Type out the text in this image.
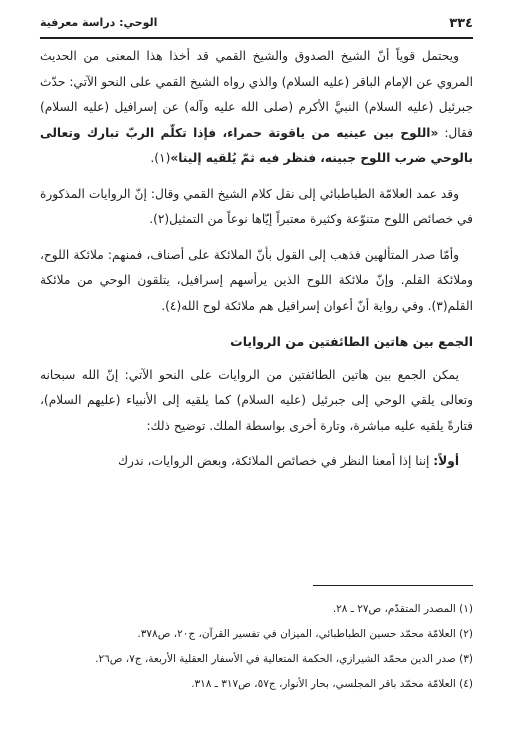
٣٣٤
الوحي: دراسة معرفية

ويحتمل قوياً أنّ الشيخ الصدوق والشيخ القمي قد أخذا هذا المعنى من الحديث المروي عن الإمام الباقر (عليه السلام) والذي رواه الشيخ القمي على النحو الآتي: حدّث جبرئيل (عليه السلام) النبيَّ الأكرم (صلى الله عليه وآله) عن إسرافيل (عليه السلام) فقال: «اللوح بين عينيه من ياقوتة حمراء، فإذا تكلّم الربّ تبارك وتعالى بالوحي ضرب اللوح جبينه، فنظر فيه ثمّ يُلقيه إلينا»(١).

وقد عمد العلامّة الطباطبائي إلى نقل كلام الشيخ القمي وقال: إنّ الروايات المذكورة في خصائص اللوح متنوّعة وكثيرة معتبراً إيّاها نوعاً من التمثيل(٢).

وأمّا صدر المتألهين فذهب إلى القول بأنّ الملائكة على أصناف، فمنهم: ملائكة اللوح، وملائكة القلم. وإنّ ملائكة اللوح الذين يرأسهم إسرافيل، يتلقون الوحي من ملائكة القلم(٣). وفي رواية أنّ أعوان إسرافيل هم ملائكة لوح الله(٤).

الجمع بين هاتين الطائفتين من الروايات

يمكن الجمع بين هاتين الطائفتين من الروايات على النحو الآتي: إنّ الله سبحانه وتعالى يلقي الوحي إلى جبرئيل (عليه السلام) كما يلقيه إلى الأنبياء (عليهم السلام)، فتارةً يلقيه عليه مباشرة، وتارة أخرى بواسطة الملك. توضيح ذلك:

أولاً: إننا إذا أمعنا النظر في خصائص الملائكة، وبعض الروايات، ندرك

(١) المصدر المتقدّم، ص٢٧ ـ ٢٨.
(٢) العلامّة محمّد حسين الطباطبائي، الميزان في تفسير القرآن، ج٢٠، ص٣٧٨.
(٣) صدر الدين محمّد الشيرازي، الحكمة المتعالية في الأسفار العقلية الأربعة، ج٧، ص٢٦.
(٤) العلامّة محمّد باقر المجلسي، بحار الأنوار، ج٥٧، ص٣١٧ ـ ٣١٨.
